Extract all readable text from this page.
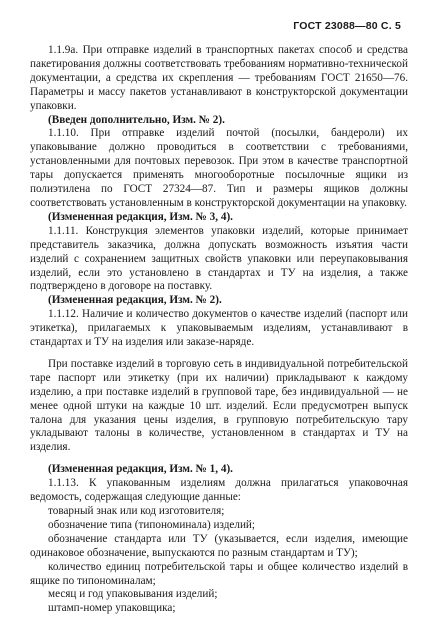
ГОСТ 23088—80 С. 5

1.1.9а. При отправке изделий в транспортных пакетах способ и средства пакетирования должны соответствовать требованиям нормативно-технической документации, а средства их скрепления — требованиям ГОСТ 21650—76. Параметры и массу пакетов устанавливают в конструкторской документации упаковки.

(Введен дополнительно, Изм. № 2).

1.1.10. При отправке изделий почтой (посылки, бандероли) их упаковывание должно проводиться в соответствии с требованиями, установленными для почтовых перевозок. При этом в качестве транспортной тары допускается применять многооборотные посылочные ящики из полиэтилена по ГОСТ 27324—87. Тип и размеры ящиков должны соответствовать установленным в конструкторской документации на упаковку.

(Измененная редакция, Изм. № 3, 4).

1.1.11. Конструкция элементов упаковки изделий, которые принимает представитель заказчика, должна допускать возможность изъятия части изделий с сохранением защитных свойств упаковки или переупаковывания изделий, если это установлено в стандартах и ТУ на изделия, а также подтверждено в договоре на поставку.

(Измененная редакция, Изм. № 2).

1.1.12. Наличие и количество документов о качестве изделий (паспорт или этикетка), прилагаемых к упаковываемым изделиям, устанавливают в стандартах и ТУ на изделия или заказе-наряде.

При поставке изделий в торговую сеть в индивидуальной потребительской таре паспорт или этикетку (при их наличии) прикладывают к каждому изделию, а при поставке изделий в групповой таре, без индивидуальной — не менее одной штуки на каждые 10 шт. изделий. Если предусмотрен выпуск талона для указания цены изделия, в групповую потребительскую тару укладывают талоны в количестве, установленном в стандартах и ТУ на изделия.

(Измененная редакция, Изм. № 1, 4).

1.1.13. К упакованным изделиям должна прилагаться упаковочная ведомость, содержащая следующие данные:

товарный знак или код изготовителя;

обозначение типа (типономинала) изделий;

обозначение стандарта или ТУ (указывается, если изделия, имеющие одинаковое обозначение, выпускаются по разным стандартам и ТУ);

количество единиц потребительской тары и общее количество изделий в ящике по типономиналам;

месяц и год упаковывания изделий;

штамп-номер упаковщика;
